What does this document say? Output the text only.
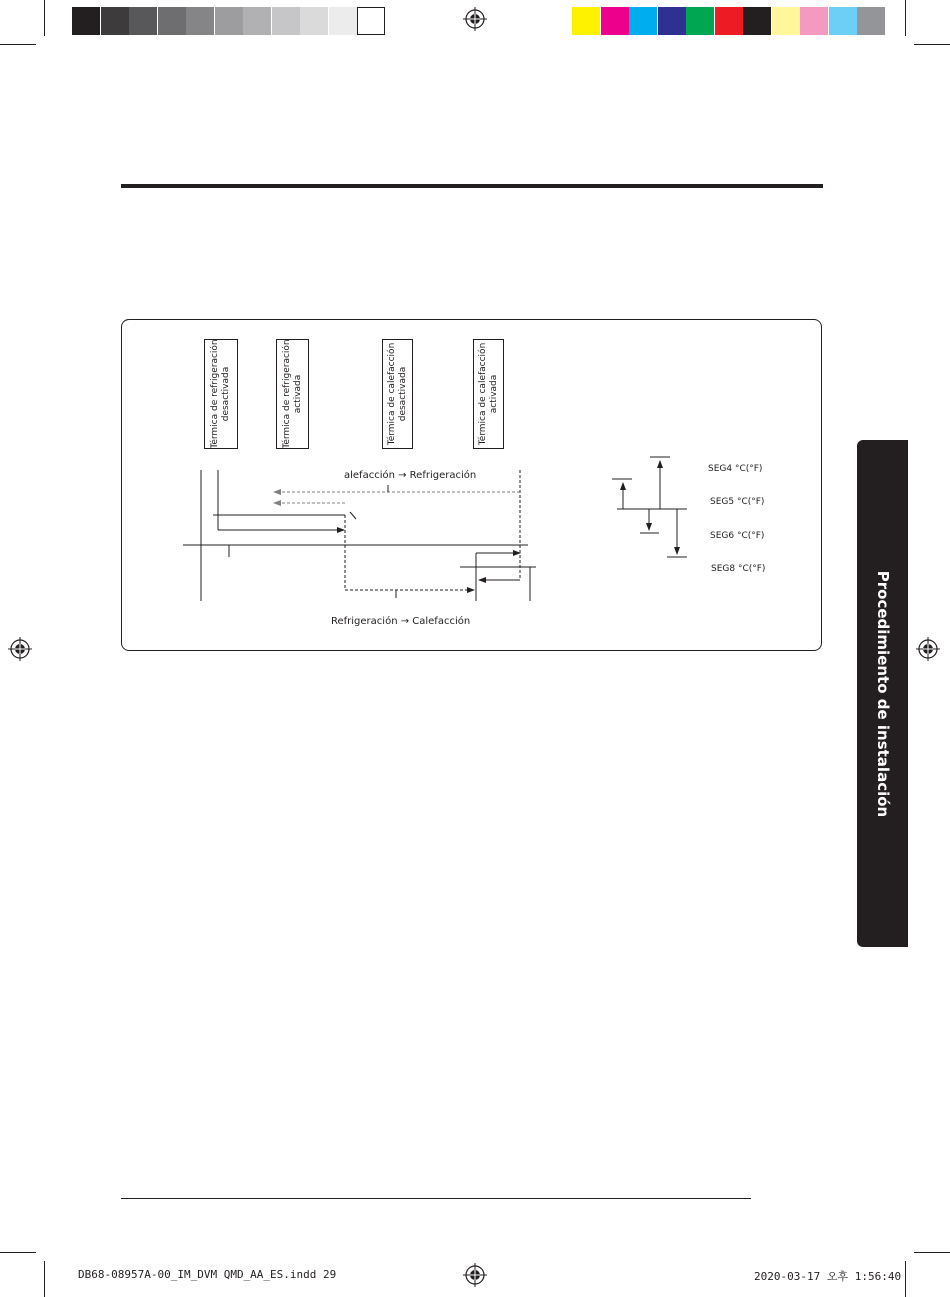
Térmica de refrigeración
desactivada
Térmica de refrigeración
activada
Térmica de calefacción
desactivada
Térmica de calefacción
activada
alefacción → Refrigeración
Refrigeración → Calefacción
SEG4 °C(°F)
SEG5 °C(°F)
SEG6 °C(°F)
SEG8 °C(°F)
Procedimiento de instalación
DB68-08957A-00_IM_DVM QMD_AA_ES.indd 29	2020-03-17 오후 1:56:40
